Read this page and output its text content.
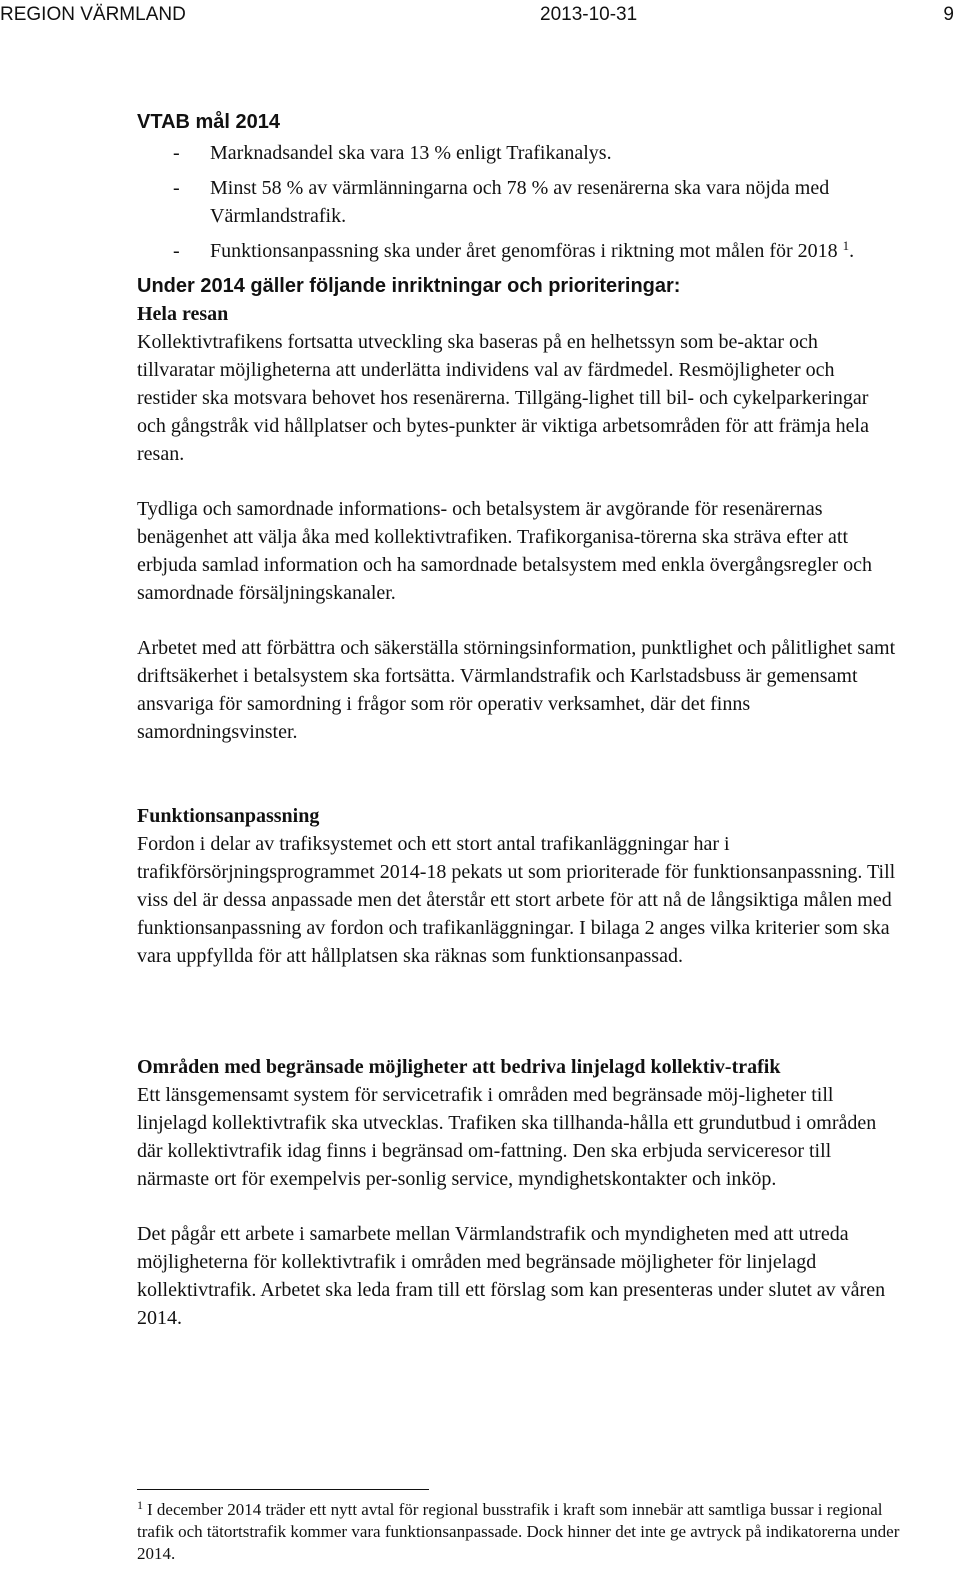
REGION VÄRMLAND	2013-10-31	9
VTAB mål 2014
- Marknadsandel ska vara 13 % enligt Trafikanalys.
- Minst 58 % av värmlänningarna och 78 % av resenärerna ska vara nöjda med Värmlandstrafik.
- Funktionsanpassning ska under året genomföras i riktning mot målen för 2018 $^1$.
Under 2014 gäller följande inriktningar och prioriteringar:
Hela resan

Kollektivtrafikens fortsatta utveckling ska baseras på en helhetssyn som be-aktar och tillvaratar möjligheterna att underlätta individens val av färdmedel. Resmöjligheter och restider ska motsvara behovet hos resenärerna. Tillgäng-lighet till bil- och cykelparkeringar och gångstråk vid hållplatser och bytes-punkter är viktiga arbetsområden för att främja hela resan.

Tydliga och samordnade informations- och betalsystem är avgörande för resenärernas benägenhet att välja åka med kollektivtrafiken. Trafikorganisa-törerna ska sträva efter att erbjuda samlad information och ha samordnade betalsystem med enkla övergångsregler och samordnade försäljningskanaler.

Arbetet med att förbättra och säkerställa störningsinformation, punktlighet och pålitlighet samt driftsäkerhet i betalsystem ska fortsätta. Värmlandstrafik och Karlstadsbuss är gemensamt ansvariga för samordning i frågor som rör operativ verksamhet, där det finns samordningsvinster.

Funktionsanpassning

Fordon i delar av trafiksystemet och ett stort antal trafikanläggningar har i trafikförsörjningsprogrammet 2014-18 pekats ut som prioriterade för funktionsanpassning. Till viss del är dessa anpassade men det återstår ett stort arbete för att nå de långsiktiga målen med funktionsanpassning av fordon och trafikanläggningar. I bilaga 2 anges vilka kriterier som ska vara uppfyllda för att hållplatsen ska räknas som funktionsanpassad.

Områden med begränsade möjligheter att bedriva linjelagd kollektiv-trafik

Ett länsgemensamt system för servicetrafik i områden med begränsade möj-ligheter till linjelagd kollektivtrafik ska utvecklas. Trafiken ska tillhanda-hålla ett grundutbud i områden där kollektivtrafik idag finns i begränsad om-fattning. Den ska erbjuda serviceresor till närmaste ort för exempelvis per-sonlig service, myndighetskontakter och inköp.

Det pågår ett arbete i samarbete mellan Värmlandstrafik och myndigheten med att utreda möjligheterna för kollektivtrafik i områden med begränsade möjligheter för linjelagd kollektivtrafik. Arbetet ska leda fram till ett förslag som kan presenteras under slutet av våren 2014.

$^1$ I december 2014 träder ett nytt avtal för regional busstrafik i kraft som innebär att samtliga bussar i regional trafik och tätortstrafik kommer vara funktionsanpassade. Dock hinner det inte ge avtryck på indikatorerna under 2014.
